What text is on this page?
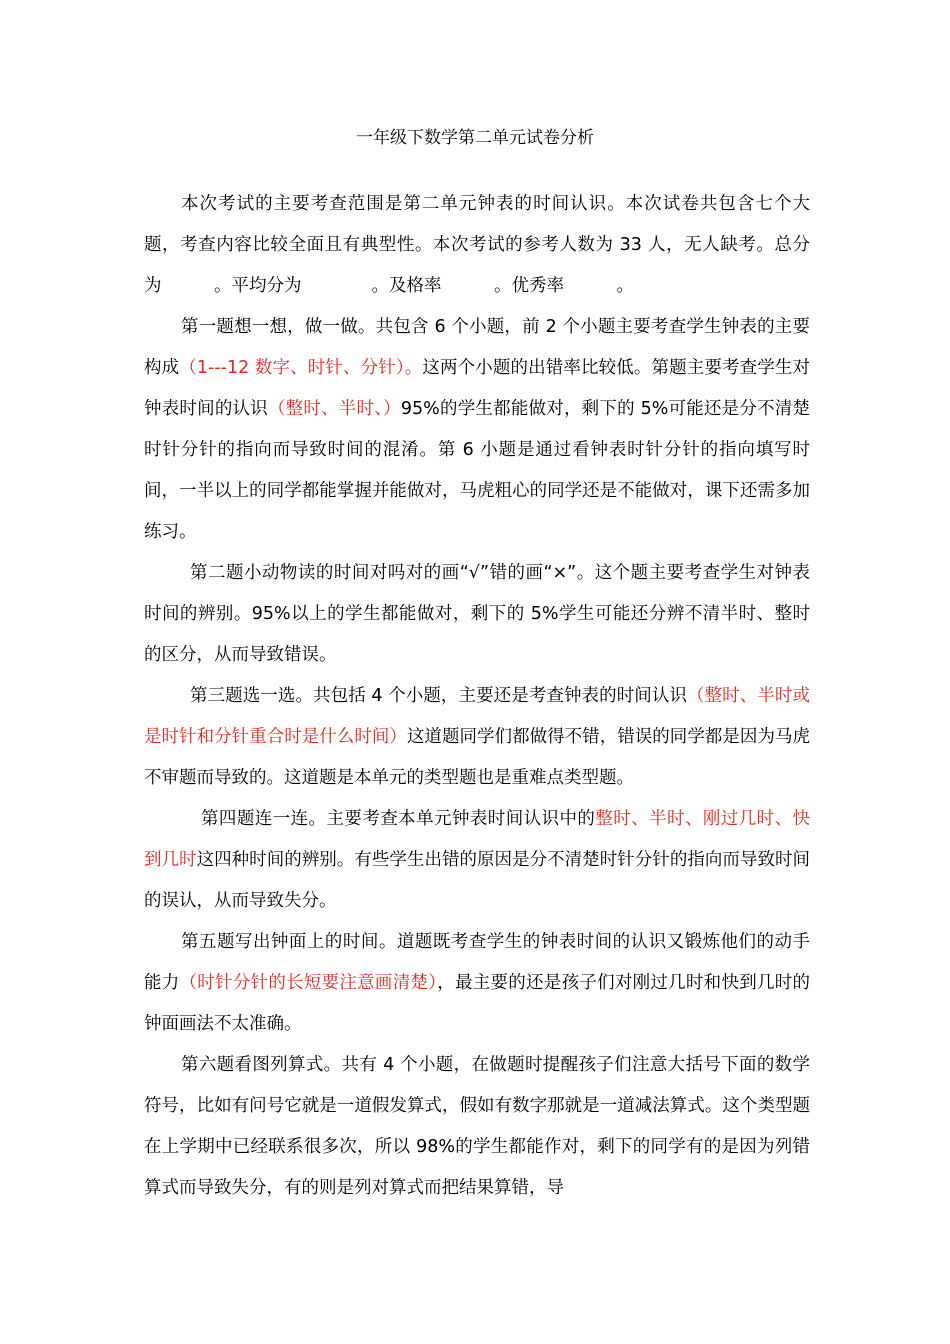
一年级下数学第二单元试卷分析

本次考试的主要考查范围是第二单元钟表的时间认识。本次试卷共包含七个大题，考查内容比较全面且有典型性。本次考试的参考人数为 33 人，无人缺考。总分为　　　。平均分为　　　　。及格率　　　。优秀率　　　。

第一题想一想，做一做。共包含 6 个小题，前 2 个小题主要考查学生钟表的主要构成（1---12 数字、时针、分针）。这两个小题的出错率比较低。第题主要考查学生对钟表时间的认识（整时、半时、）95%的学生都能做对，剩下的 5%可能还是分不清楚时针分针的指向而导致时间的混淆。第 6 小题是通过看钟表时针分针的指向填写时间，一半以上的同学都能掌握并能做对，马虎粗心的同学还是不能做对，课下还需多加练习。

第二题小动物读的时间对吗对的画“√”错的画“×”。这个题主要考查学生对钟表时间的辨别。95%以上的学生都能做对，剩下的 5%学生可能还分辨不清半时、整时的区分，从而导致错误。

第三题选一选。共包括 4 个小题，主要还是考查钟表的时间认识（整时、半时或是时针和分针重合时是什么时间）这道题同学们都做得不错，错误的同学都是因为马虎不审题而导致的。这道题是本单元的类型题也是重难点类型题。

第四题连一连。主要考查本单元钟表时间认识中的整时、半时、刚过几时、快到几时这四种时间的辨别。有些学生出错的原因是分不清楚时针分针的指向而导致时间的误认，从而导致失分。

第五题写出钟面上的时间。道题既考查学生的钟表时间的认识又锻炼他们的动手能力（时针分针的长短要注意画清楚），最主要的还是孩子们对刚过几时和快到几时的钟面画法不太准确。

第六题看图列算式。共有 4 个小题，在做题时提醒孩子们注意大括号下面的数学符号，比如有问号它就是一道假发算式，假如有数字那就是一道减法算式。这个类型题在上学期中已经联系很多次，所以 98%的学生都能作对，剩下的同学有的是因为列错算式而导致失分，有的则是列对算式而把结果算错，导
